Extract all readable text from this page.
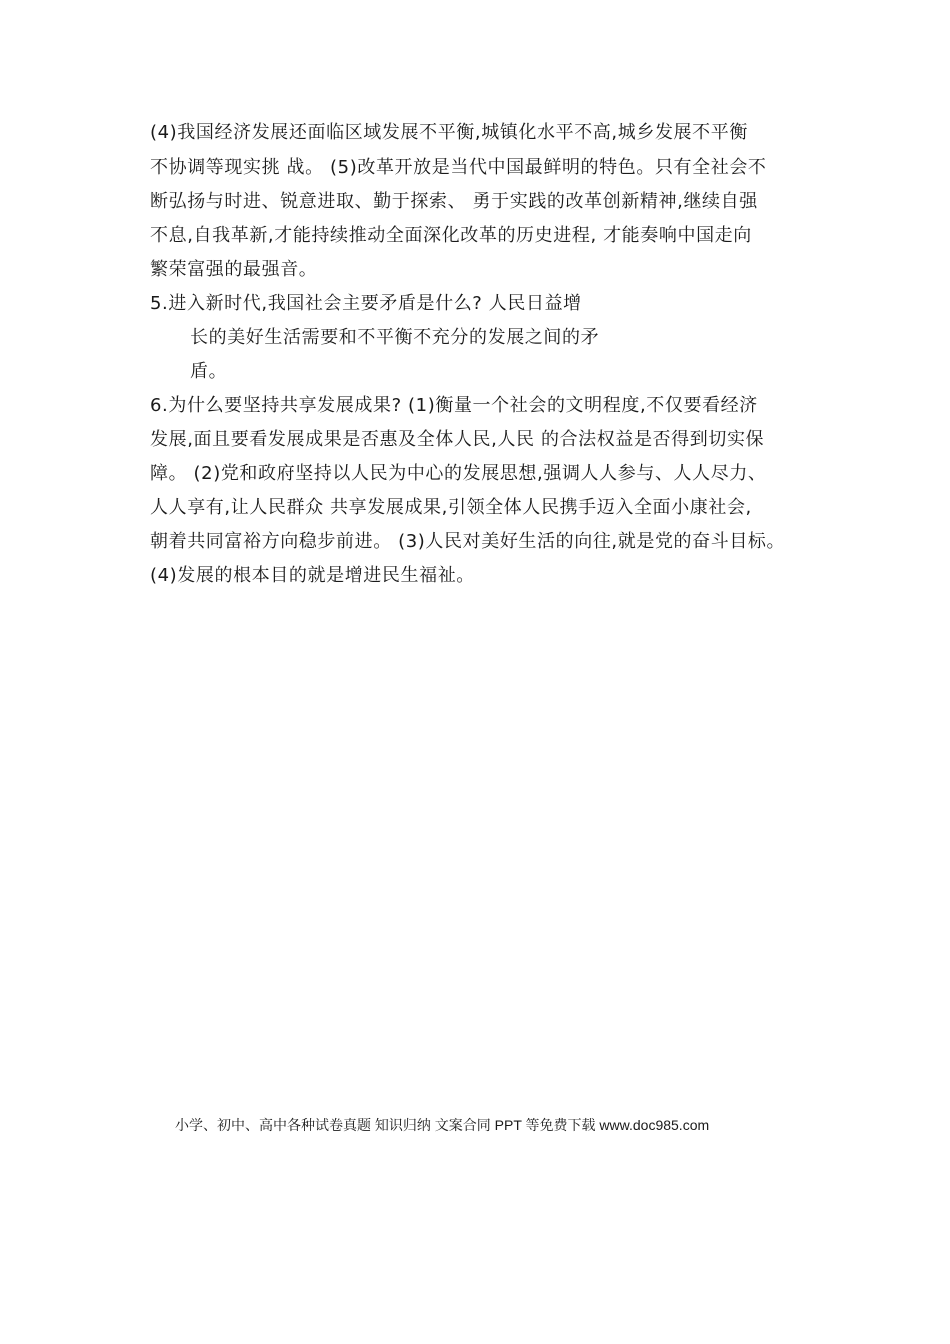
(4)我国经济发展还面临区域发展不平衡,城镇化水平不高,城乡发展不平衡
不协调等现实挑 战。 (5)改革开放是当代中国最鲜明的特色。只有全社会不
断弘扬与时进、锐意进取、勤于探索、 勇于实践的改革创新精神,继续自强
不息,自我革新,才能持续推动全面深化改革的历史进程, 才能奏响中国走向
繁荣富强的最强音。
5.进入新时代,我国社会主要矛盾是什么? 人民日益增
长的美好生活需要和不平衡不充分的发展之间的矛
盾。
6.为什么要坚持共享发展成果? (1)衡量一个社会的文明程度,不仅要看经济
发展,面且要看发展成果是否惠及全体人民,人民 的合法权益是否得到切实保
障。 (2)党和政府坚持以人民为中心的发展思想,强调人人参与、人人尽力、
人人享有,让人民群众 共享发展成果,引领全体人民携手迈入全面小康社会,
朝着共同富裕方向稳步前进。 (3)人民对美好生活的向往,就是党的奋斗目标。
(4)发展的根本目的就是增进民生福祉。
小学、初中、高中各种试卷真题 知识归纳 文案合同 PPT 等免费下载 www.doc985.com
